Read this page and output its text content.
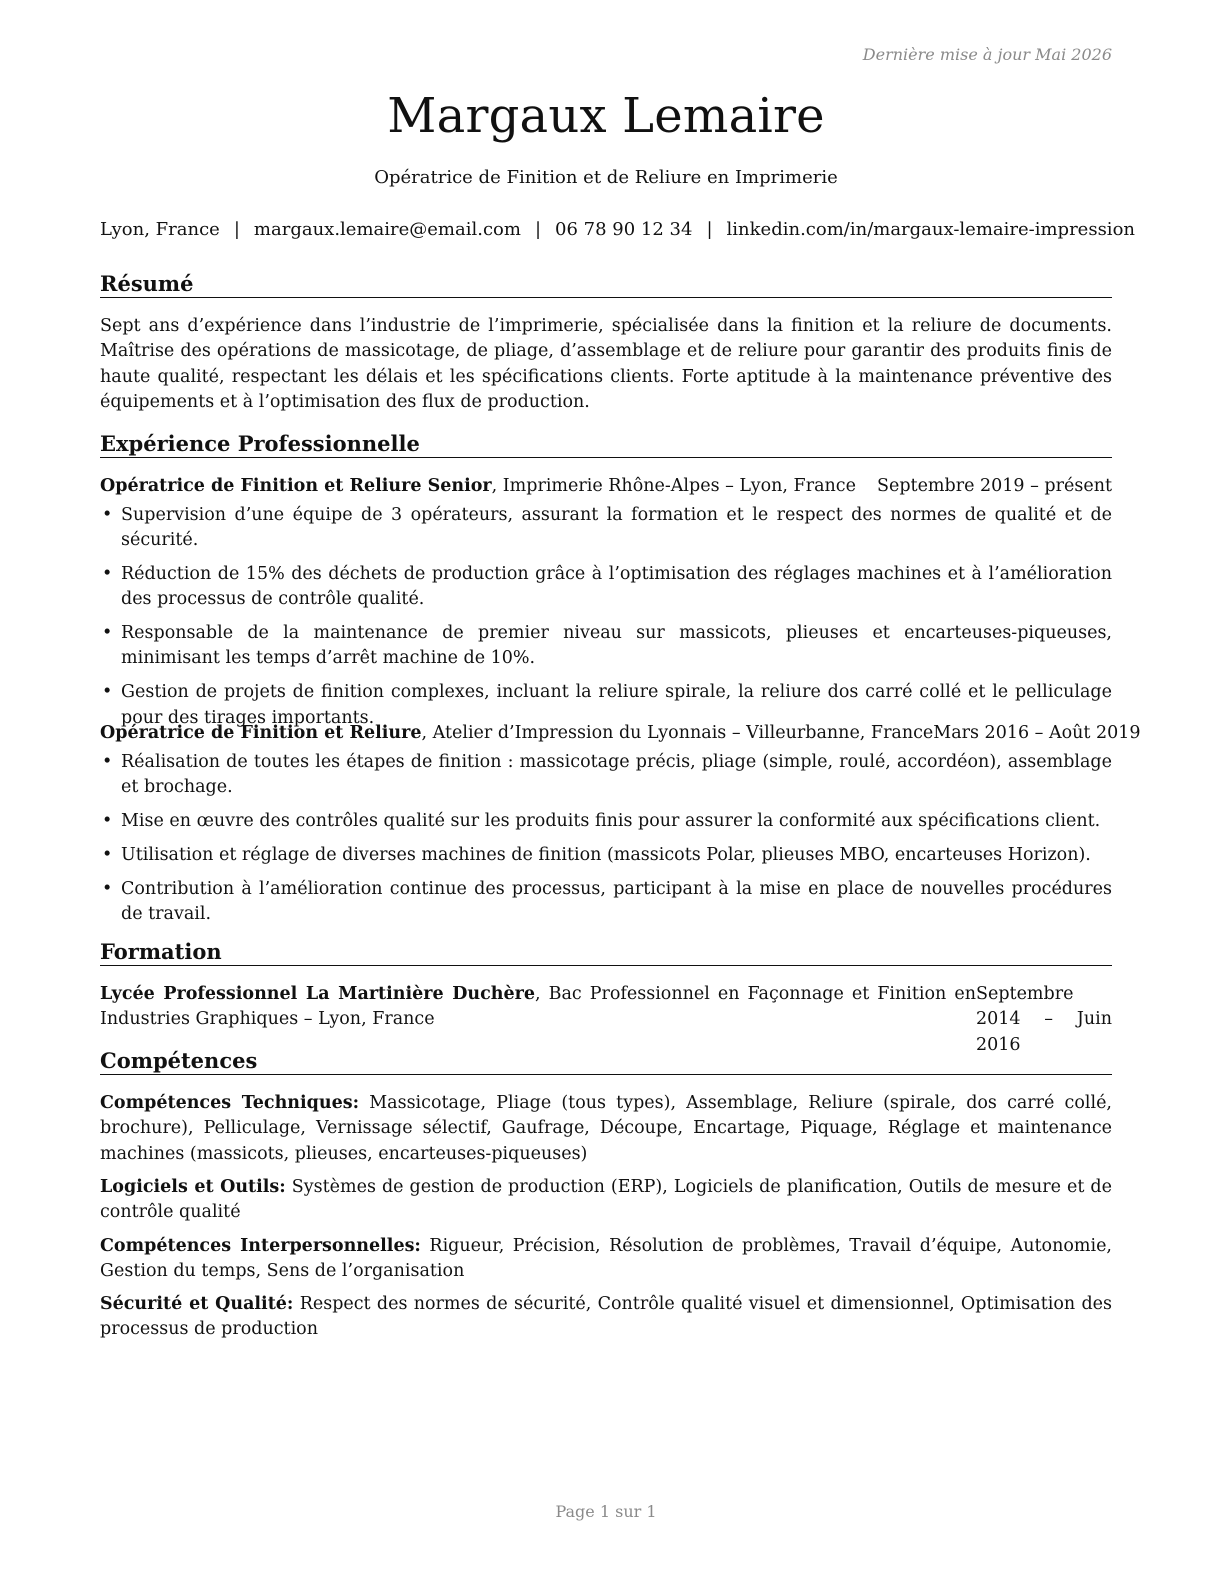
Dernière mise à jour Mai 2026
Margaux Lemaire
Opératrice de Finition et de Reliure en Imprimerie
Lyon, France | margaux.lemaire@email.com | 06 78 90 12 34 | linkedin.com/in/margaux-lemaire-impression
Résumé
Sept ans d’expérience dans l’industrie de l’imprimerie, spécialisée dans la finition et la reliure de documents. Maîtrise des opérations de massicotage, de pliage, d’assemblage et de reliure pour garantir des produits finis de haute qualité, respectant les délais et les spécifications clients. Forte aptitude à la maintenance préventive des équipements et à l’optimisation des flux de production.
Expérience Professionnelle
Opératrice de Finition et Reliure Senior, Imprimerie Rhône-Alpes – Lyon, France Septembre 2019 – présent
• Supervision d’une équipe de 3 opérateurs, assurant la formation et le respect des normes de qualité et de sécurité.
• Réduction de 15% des déchets de production grâce à l’optimisation des réglages machines et à l’amélioration des processus de contrôle qualité.
• Responsable de la maintenance de premier niveau sur massicots, plieuses et encarteuses-piqueuses, minimisant les temps d’arrêt machine de 10%.
• Gestion de projets de finition complexes, incluant la reliure spirale, la reliure dos carré collé et le pelliculage pour des tirages importants.
Opératrice de Finition et Reliure, Atelier d’Impression du Lyonnais – Villeurbanne, France Mars 2016 – Août 2019
• Réalisation de toutes les étapes de finition : massicotage précis, pliage (simple, roulé, accordéon), assemblage et brochage.
• Mise en œuvre des contrôles qualité sur les produits finis pour assurer la conformité aux spécifications client.
• Utilisation et réglage de diverses machines de finition (massicots Polar, plieuses MBO, encarteuses Horizon).
• Contribution à l’amélioration continue des processus, participant à la mise en place de nouvelles procédures de travail.
Formation
Lycée Professionnel La Martinière Duchère, Bac Professionnel en Façonnage et Finition en Industries Graphiques – Lyon, France
Septembre 2014 – Juin 2016
Compétences
Compétences Techniques: Massicotage, Pliage (tous types), Assemblage, Reliure (spirale, dos carré collé, brochure), Pelliculage, Vernissage sélectif, Gaufrage, Découpe, Encartage, Piquage, Réglage et maintenance machines (massicots, plieuses, encarteuses-piqueuses)
Logiciels et Outils: Systèmes de gestion de production (ERP), Logiciels de planification, Outils de mesure et de contrôle qualité
Compétences Interpersonnelles: Rigueur, Précision, Résolution de problèmes, Travail d’équipe, Autonomie, Gestion du temps, Sens de l’organisation
Sécurité et Qualité: Respect des normes de sécurité, Contrôle qualité visuel et dimensionnel, Optimisation des processus de production
Page 1 sur 1
